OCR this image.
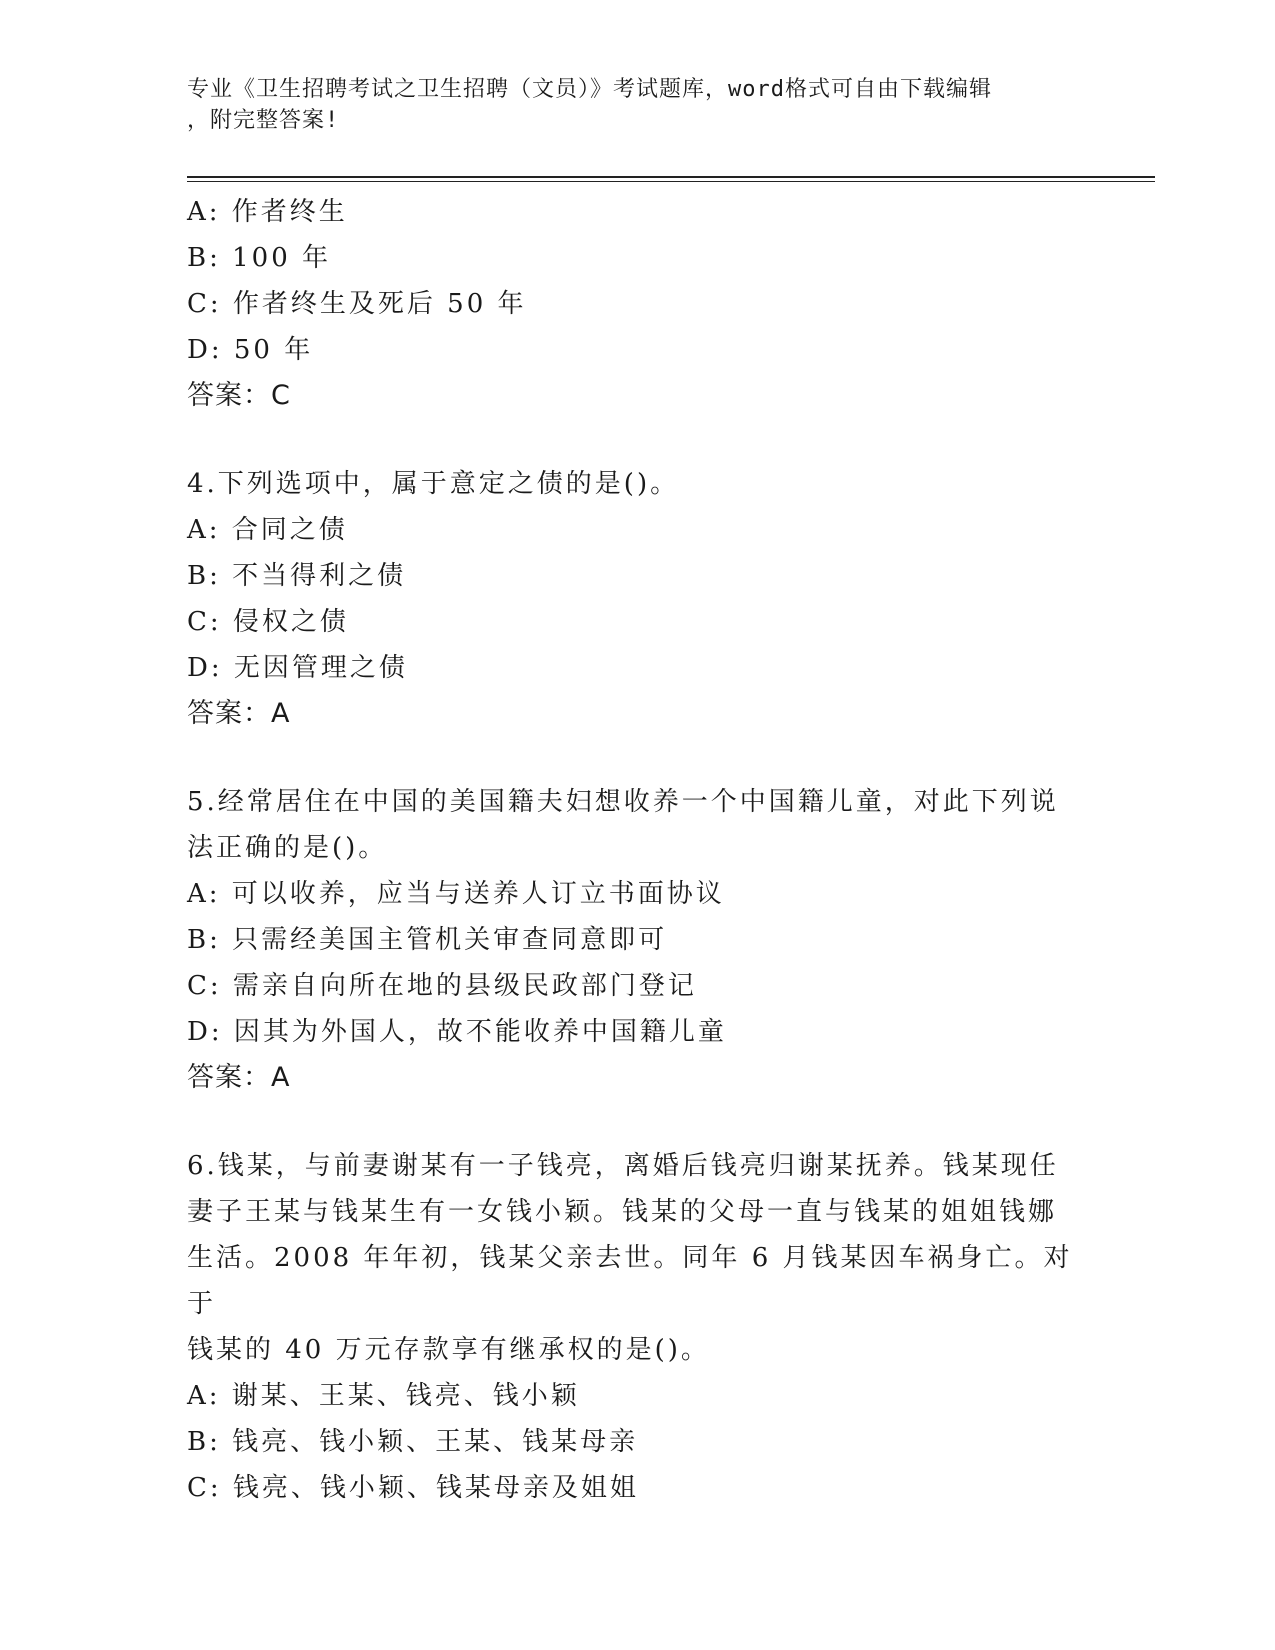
专业《卫生招聘考试之卫生招聘（文员）》考试题库，word格式可自由下载编辑
，附完整答案!
A: 作者终生
B: 100 年
C: 作者终生及死后 50 年
D: 50 年
答案：C
4.下列选项中，属于意定之债的是()。
A: 合同之债
B: 不当得利之债
C: 侵权之债
D: 无因管理之债
答案：A
5.经常居住在中国的美国籍夫妇想收养一个中国籍儿童，对此下列说
法正确的是()。
A: 可以收养，应当与送养人订立书面协议
B: 只需经美国主管机关审查同意即可
C: 需亲自向所在地的县级民政部门登记
D: 因其为外国人，故不能收养中国籍儿童
答案：A
6.钱某，与前妻谢某有一子钱亮，离婚后钱亮归谢某抚养。钱某现任
妻子王某与钱某生有一女钱小颖。钱某的父母一直与钱某的姐姐钱娜
生活。2008 年年初，钱某父亲去世。同年 6 月钱某因车祸身亡。对于
钱某的 40 万元存款享有继承权的是()。
A: 谢某、王某、钱亮、钱小颖
B: 钱亮、钱小颖、王某、钱某母亲
C: 钱亮、钱小颖、钱某母亲及姐姐
